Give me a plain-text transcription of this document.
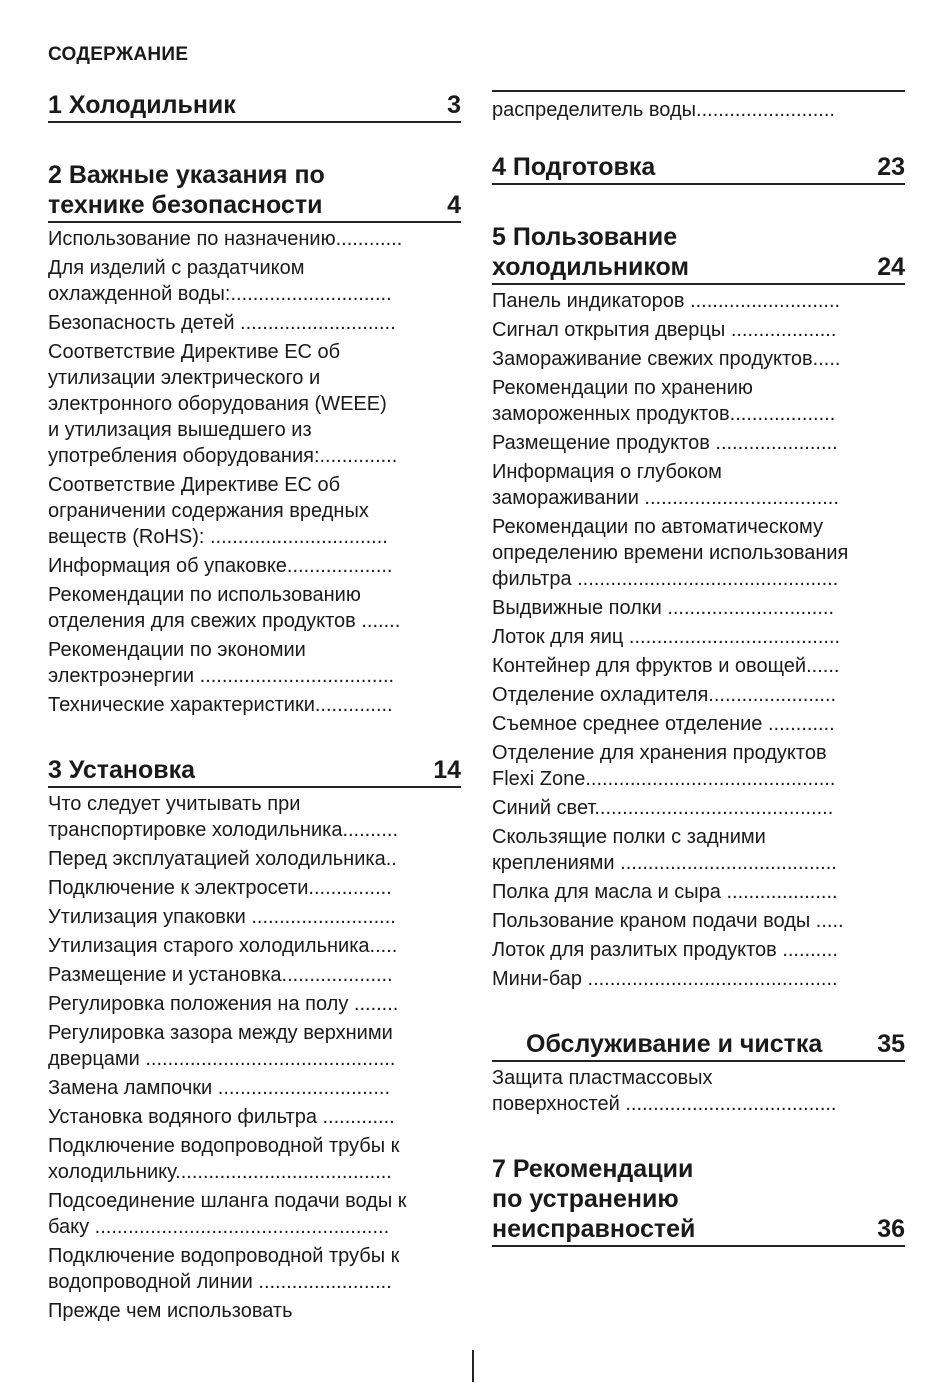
СОДЕРЖАНИЕ
1 Холодильник	3
2 Важные указания по
технике безопасности	4
Использование по назначению............
Для изделий с раздатчиком
охлажденной воды:.............................
Безопасность детей ............................
Соответствие Директиве ЕС об
утилизации электрического и
электронного оборудования (WEEE)
и утилизация вышедшего из
употребления оборудования:..............
Соответствие Директиве ЕС об
ограничении содержания вредных
веществ (RoHS): ................................
Информация об упаковке...................
Рекомендации по использованию
отделения для свежих продуктов .......
Рекомендации по экономии
электроэнергии ...................................
Технические характеристики..............
3 Установка	14
Что следует учитывать при
транспортировке холодильника..........
Перед эксплуатацией холодильника..
Подключение к электросети...............
Утилизация упаковки ..........................
Утилизация старого холодильника.....
Размещение и установка....................
Регулировка положения на полу ........
Регулировка зазора между верхними
дверцами .............................................
Замена лампочки ...............................
Установка водяного фильтра .............
Подключение водопроводной трубы к
холодильнику.......................................
Подсоединение шланга подачи воды к
баку .....................................................
Подключение водопроводной трубы к
водопроводной линии ........................
Прежде чем использовать
распределитель воды.........................
4 Подготовка	23
5 Пользование
холодильником	24
Панель индикаторов ...........................
Сигнал открытия дверцы ...................
Замораживание свежих продуктов.....
Рекомендации по хранению
замороженных продуктов...................
Размещение продуктов ......................
Информация о глубоком
замораживании ...................................
Рекомендации по автоматическому
определению времени использования
фильтра ...............................................
Выдвижные полки ..............................
Лоток для яиц ......................................
Контейнер для фруктов и овощей......
Отделение охладителя.......................
Съемное среднее отделение ............
Отделение для хранения продуктов
Flexi Zone.............................................
Синий свет...........................................
Скользящие полки с задними
креплениями .......................................
Полка для масла и сыра ....................
Пользование краном подачи воды .....
Лоток для разлитых продуктов ..........
Мини-бар .............................................
Обслуживание и чистка	35
Защита пластмассовых
поверхностей ......................................
7 Рекомендации
по устранению
неисправностей	36
